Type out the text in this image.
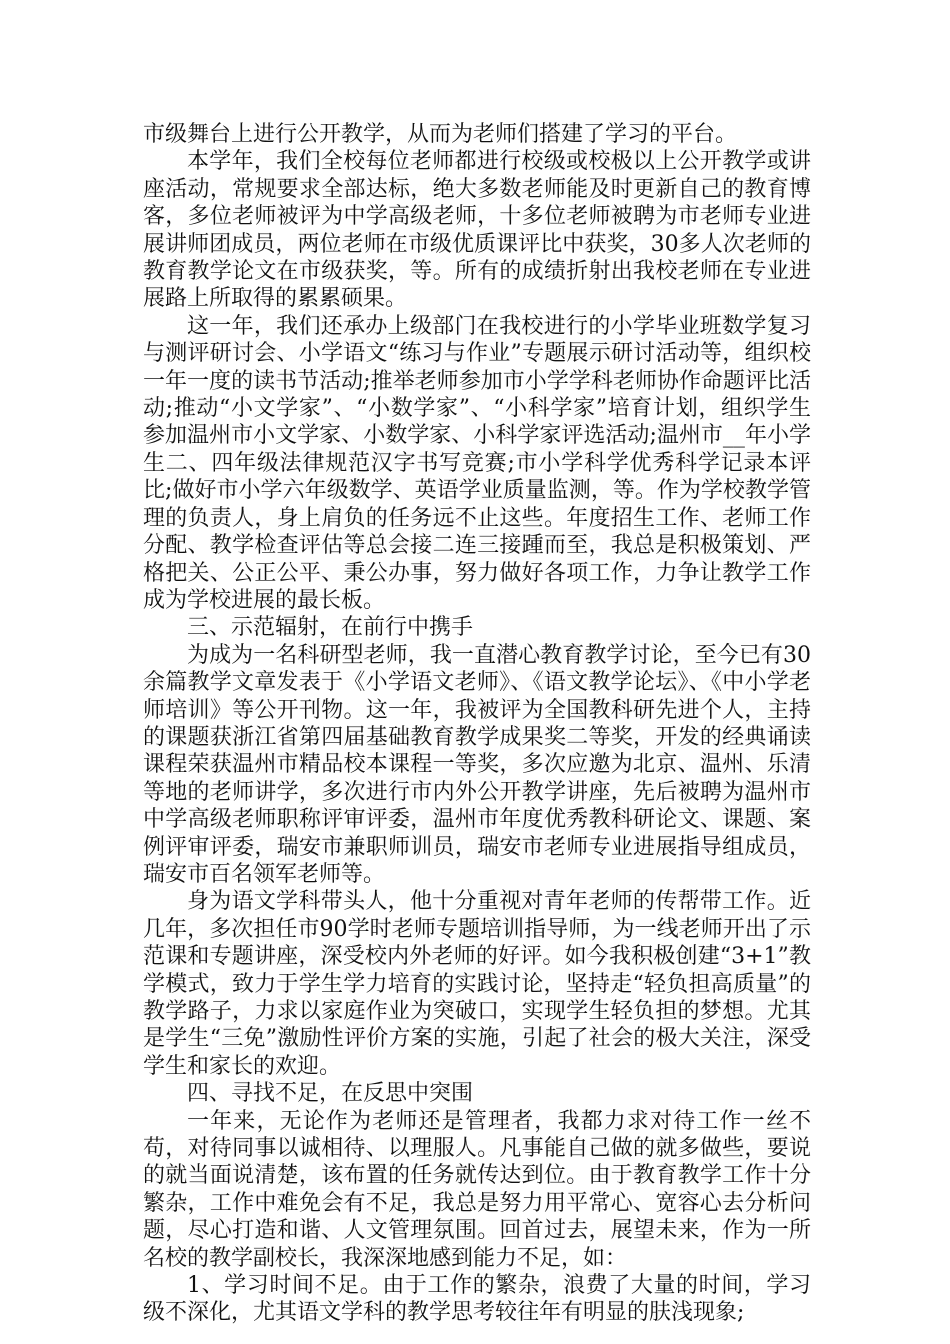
市级舞台上进行公开教学，从而为老师们搭建了学习的平台。

本学年，我们全校每位老师都进行校级或校极以上公开教学或讲座活动，常规要求全部达标，绝大多数老师能及时更新自己的教育博客，多位老师被评为中学高级老师，十多位老师被聘为市老师专业进展讲师团成员，两位老师在市级优质课评比中获奖，30多人次老师的教育教学论文在市级获奖，等。所有的成绩折射出我校老师在专业进展路上所取得的累累硕果。

这一年，我们还承办上级部门在我校进行的小学毕业班数学复习与测评研讨会、小学语文“练习与作业”专题展示研讨活动等，组织校一年一度的读书节活动;推举老师参加市小学学科老师协作命题评比活动;推动“小文学家”、“小数学家”、“小科学家”培育计划，组织学生参加温州市小文学家、小数学家、小科学家评选活动;温州市__年小学生二、四年级法律规范汉字书写竞赛;市小学科学优秀科学记录本评比;做好市小学六年级数学、英语学业质量监测，等。作为学校教学管理的负责人，身上肩负的任务远不止这些。年度招生工作、老师工作分配、教学检查评估等总会接二连三接踵而至，我总是积极策划、严格把关、公正公平、秉公办事，努力做好各项工作，力争让教学工作成为学校进展的最长板。

三、示范辐射，在前行中携手

为成为一名科研型老师，我一直潜心教育教学讨论，至今已有30余篇教学文章发表于《小学语文老师》、《语文教学论坛》、《中小学老师培训》等公开刊物。这一年，我被评为全国教科研先进个人，主持的课题获浙江省第四届基础教育教学成果奖二等奖，开发的经典诵读课程荣获温州市精品校本课程一等奖，多次应邀为北京、温州、乐清等地的老师讲学，多次进行市内外公开教学讲座，先后被聘为温州市中学高级老师职称评审评委，温州市年度优秀教科研论文、课题、案例评审评委，瑞安市兼职师训员，瑞安市老师专业进展指导组成员，瑞安市百名领军老师等。

身为语文学科带头人，他十分重视对青年老师的传帮带工作。近几年，多次担任市90学时老师专题培训指导师，为一线老师开出了示范课和专题讲座，深受校内外老师的好评。如今我积极创建“3+1”教学模式，致力于学生学力培育的实践讨论，坚持走“轻负担高质量”的教学路子，力求以家庭作业为突破口，实现学生轻负担的梦想。尤其是学生“三免”激励性评价方案的实施，引起了社会的极大关注，深受学生和家长的欢迎。

四、寻找不足，在反思中突围

一年来，无论作为老师还是管理者，我都力求对待工作一丝不苟，对待同事以诚相待、以理服人。凡事能自己做的就多做些，要说的就当面说清楚，该布置的任务就传达到位。由于教育教学工作十分繁杂，工作中难免会有不足，我总是努力用平常心、宽容心去分析问题，尽心打造和谐、人文管理氛围。回首过去，展望未来，作为一所名校的教学副校长，我深深地感到能力不足，如：

1、学习时间不足。由于工作的繁杂，浪费了大量的时间，学习级不深化，尤其语文学科的教学思考较往年有明显的肤浅现象;
